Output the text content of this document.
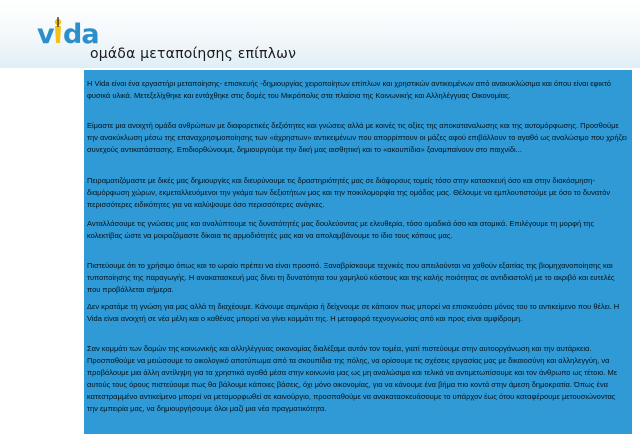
v da
ομάδα μεταποίησης επίπλων

Η Vida είναι ένα εργαστήρι μεταποίησης- επισκευής -δημιουργίας χειροποίητων επίπλων και χρηστικών αντικειμένων από ανακυκλώσιμα και όπου είναι εφικτό φυσικά υλικά. Μετεξελίχθηκε και εντάχθηκε στις δομές του Μικρόπολις στα πλαίσια της Κοινωνικής και Αλληλέγγυας Οικονομίας.

Είμαστε μια ανοιχτή ομάδα ανθρώπων με διαφορετικές δεξιότητες και γνώσεις αλλά με κοινές τις αξίες της αποκαταναλωσης και της αυτομόρφωσης. Προσθούμε την ανακύκλωση μέσω της επαναχρησιμοποίησης των «άχρηστων» αντικειμένων που απορρίπτουν οι μάζες αφού επιβάλλουν το αγαθό ως αναλώσιμο που χρήζει συνεχούς αντικατάστασης. Επιδιορθώνουμε, δημιουργούμε την δική μας αισθητική και το «ακουπίδια» ξαναμπαίνουν στο παιχνίδι...

Πειραματιζόμαστε με δικές μας δημιουργίες και διευρύνουμε τις δραστηριότητές μας σε διάφορους τομείς τόσο στην κατασκευή όσο και στην διακόσμηση-διαμόρφωση χώρων, εκμεταλλευόμενοι την γκάμα των δεξιοτήτων μας και την ποικιλομορφία της ομάδας μας. Θέλουμε να εμπλουτιστούμε με όσο το δυνατόν περισσότερες ειδικότητες για να καλύψουμε όσο περισσότερες ανάγκες.

Ανταλλάσουμε τις γνώσεις μας και αναλύπτουμε τις δυνατότητές μας δουλεύοντας με ελευθερία, τόσο ομαδικά όσο και ατομικά. Επιλέγουμε τη μορφή της κολεκτίβας ώστε να μοιραζόμαστε δίκαια τις αρμοδιότητές μας και να απολαμβάνουμε το ίδιο τους κόπους μας.

Πιστεύουμε ότι το χρήσιμο όπως και το ωραίο πρέπει να είναι προσιτό. Ξαναβρίσκουμε τεχνικές που απειλούνται να χαθούν εξαιτίας της βιομηχανοποίησης και τυποποίησης της παραγωγής. Η ανακατασκευή μας δίνει τη δυνατότητα του χαμηλού κόστους και της καλής ποιότητας σε αντιδιαστολή με το ακριβό και ευτελές που προβάλλεται σήμερα.

Δεν κρατάμε τη γνώση για μας αλλά τη διαχέουμε. Κάνουμε σεμινάρια ή δείχνουμε σε κάποιον πως μπορεί να επισκευάσει μόνος του το αντικείμενο που θέλει. Η Vida είναι ανοιχτή σε νέα μέλη και ο καθένας μπορεί να γίνει κομμάτι της. Η μεταφορά τεχνογνωσίας από και προς είναι αμφίδρομη.

Σαν κομμάτι των δομών της κοινωνικής και αλληλέγγυας οικονομίας διαλέξαμε αυτόν τον τομέα, γιατί πιστεύουμε στην αυτοοργάνωση και την αυτάρκεια. Προσπαθούμε να μειώσουμε το οικολογικό αποτύπωμα από τα σκουπίδια της πόλης, να ορίσουμε τις σχέσεις εργασίας μας με δικαιοσύνη και αλληλεγγύη, να προβάλουμε μια άλλη αντίληψη για τα χρηστικά αγαθά μέσα στην κοινωνία μας ως μη αναλώσιμα και τελικά να αντιμετωπίσουμε και τον άνθρωπο ως τέτοιο. Με αυτούς τους όρους πιστεύουμε πως θα βάλουμε κάποιες βάσεις, όχι μόνο οικονομίας, για να κάνουμε ένα βήμα πιο κοντά στην άμεση δημοκρατία. Όπως ένα κατεστραμμένο αντικείμενο μπορεί να μεταμορφωθεί σε καινούργιο, προσπαθούμε να ανακατασκευάσουμε το υπάρχον έως ότου καταφέρουμε μετουσιώνοντας την εμπειρία μας, να δημιουργήσουμε όλοι μαζί μια νέα πραγματικότητα.
